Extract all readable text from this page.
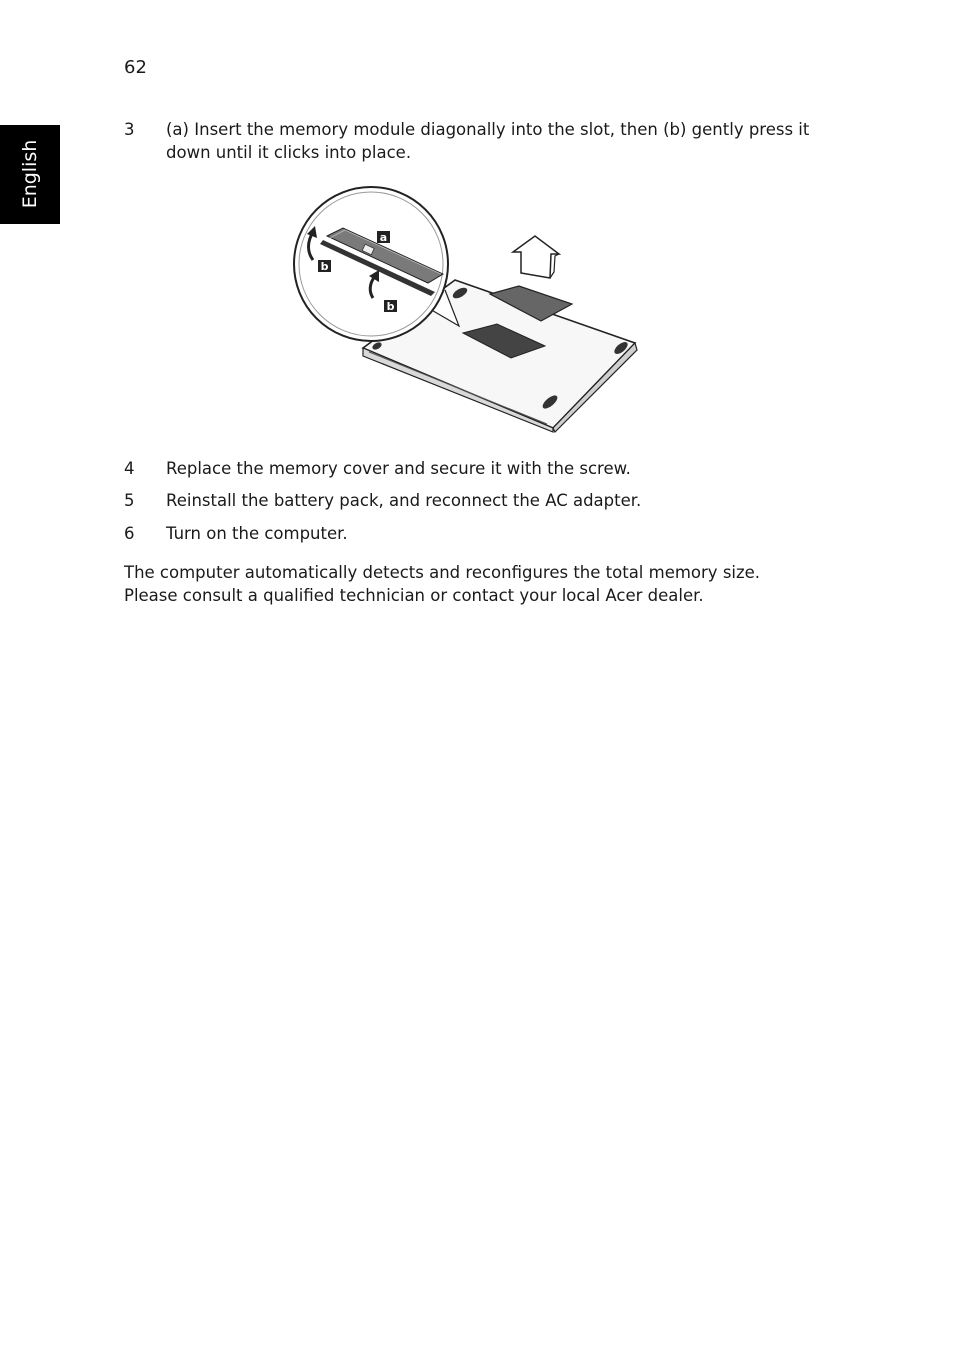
62
English
3 (a) Insert the memory module diagonally into the slot, then (b) gently press it down until it clicks into place.
a
b
b
4 Replace the memory cover and secure it with the screw.
5 Reinstall the battery pack, and reconnect the AC adapter.
6 Turn on the computer.
The computer automatically detects and reconfigures the total memory size.
Please consult a qualified technician or contact your local Acer dealer.
